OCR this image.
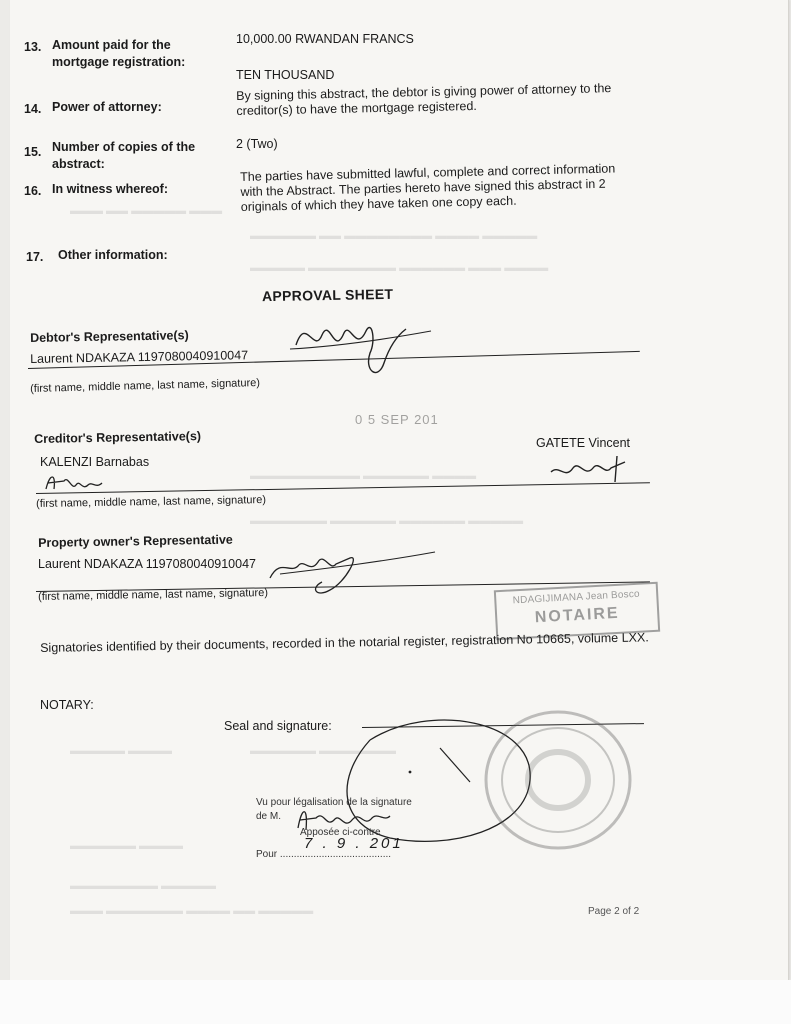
▬▬▬ ▬▬ ▬▬▬▬▬ ▬▬▬
▬▬▬▬▬▬ ▬▬ ▬▬▬▬▬▬▬▬ ▬▬▬▬ ▬▬▬▬▬
▬▬▬▬▬ ▬▬▬▬▬▬▬▬ ▬▬▬▬▬▬ ▬▬▬ ▬▬▬▬
▬▬▬▬▬▬▬▬▬▬ ▬▬▬▬▬▬ ▬▬▬▬
▬▬▬▬▬▬▬ ▬▬▬▬▬▬ ▬▬▬▬▬▬ ▬▬▬▬▬
▬▬▬▬▬ ▬▬▬▬	▬▬▬▬▬▬ ▬▬▬▬▬▬▬
▬▬▬▬▬▬ ▬▬▬▬
▬▬▬▬▬▬▬▬ ▬▬▬▬▬
▬▬▬ ▬▬▬▬▬▬▬ ▬▬▬▬ ▬▬ ▬▬▬▬▬
13. Amount paid for the mortgage registration:
10,000.00 RWANDAN FRANCS
TEN THOUSAND
14. Power of attorney:
By signing this abstract, the debtor is giving power of attorney to the creditor(s) to have the mortgage registered.
15. Number of copies of the abstract:
2 (Two)
16. In witness whereof:
The parties have submitted lawful, complete and correct information with the Abstract. The parties hereto have signed this abstract in 2 originals of which they have taken one copy each.
17. Other information:
APPROVAL SHEET
Debtor's Representative(s)
Laurent NDAKAZA 1197080040910047
(first name, middle name, last name, signature)
0 5 SEP 201
Creditor's Representative(s)
KALENZI Barnabas
GATETE Vincent
(first name, middle name, last name, signature)
Property owner's Representative
Laurent NDAKAZA 1197080040910047
(first name, middle name, last name, signature)	NDAGIJIMANA Jean Bosco
NOTAIRE
Signatories identified by their documents, recorded in the notarial register, registration No 10665, volume LXX.
NOTARY:
Seal and signature:
Vu pour légalisation de la signature
de M.
Apposée ci-contre
Pour ........................................
7 . 9 . 201
Page 2 of 2
